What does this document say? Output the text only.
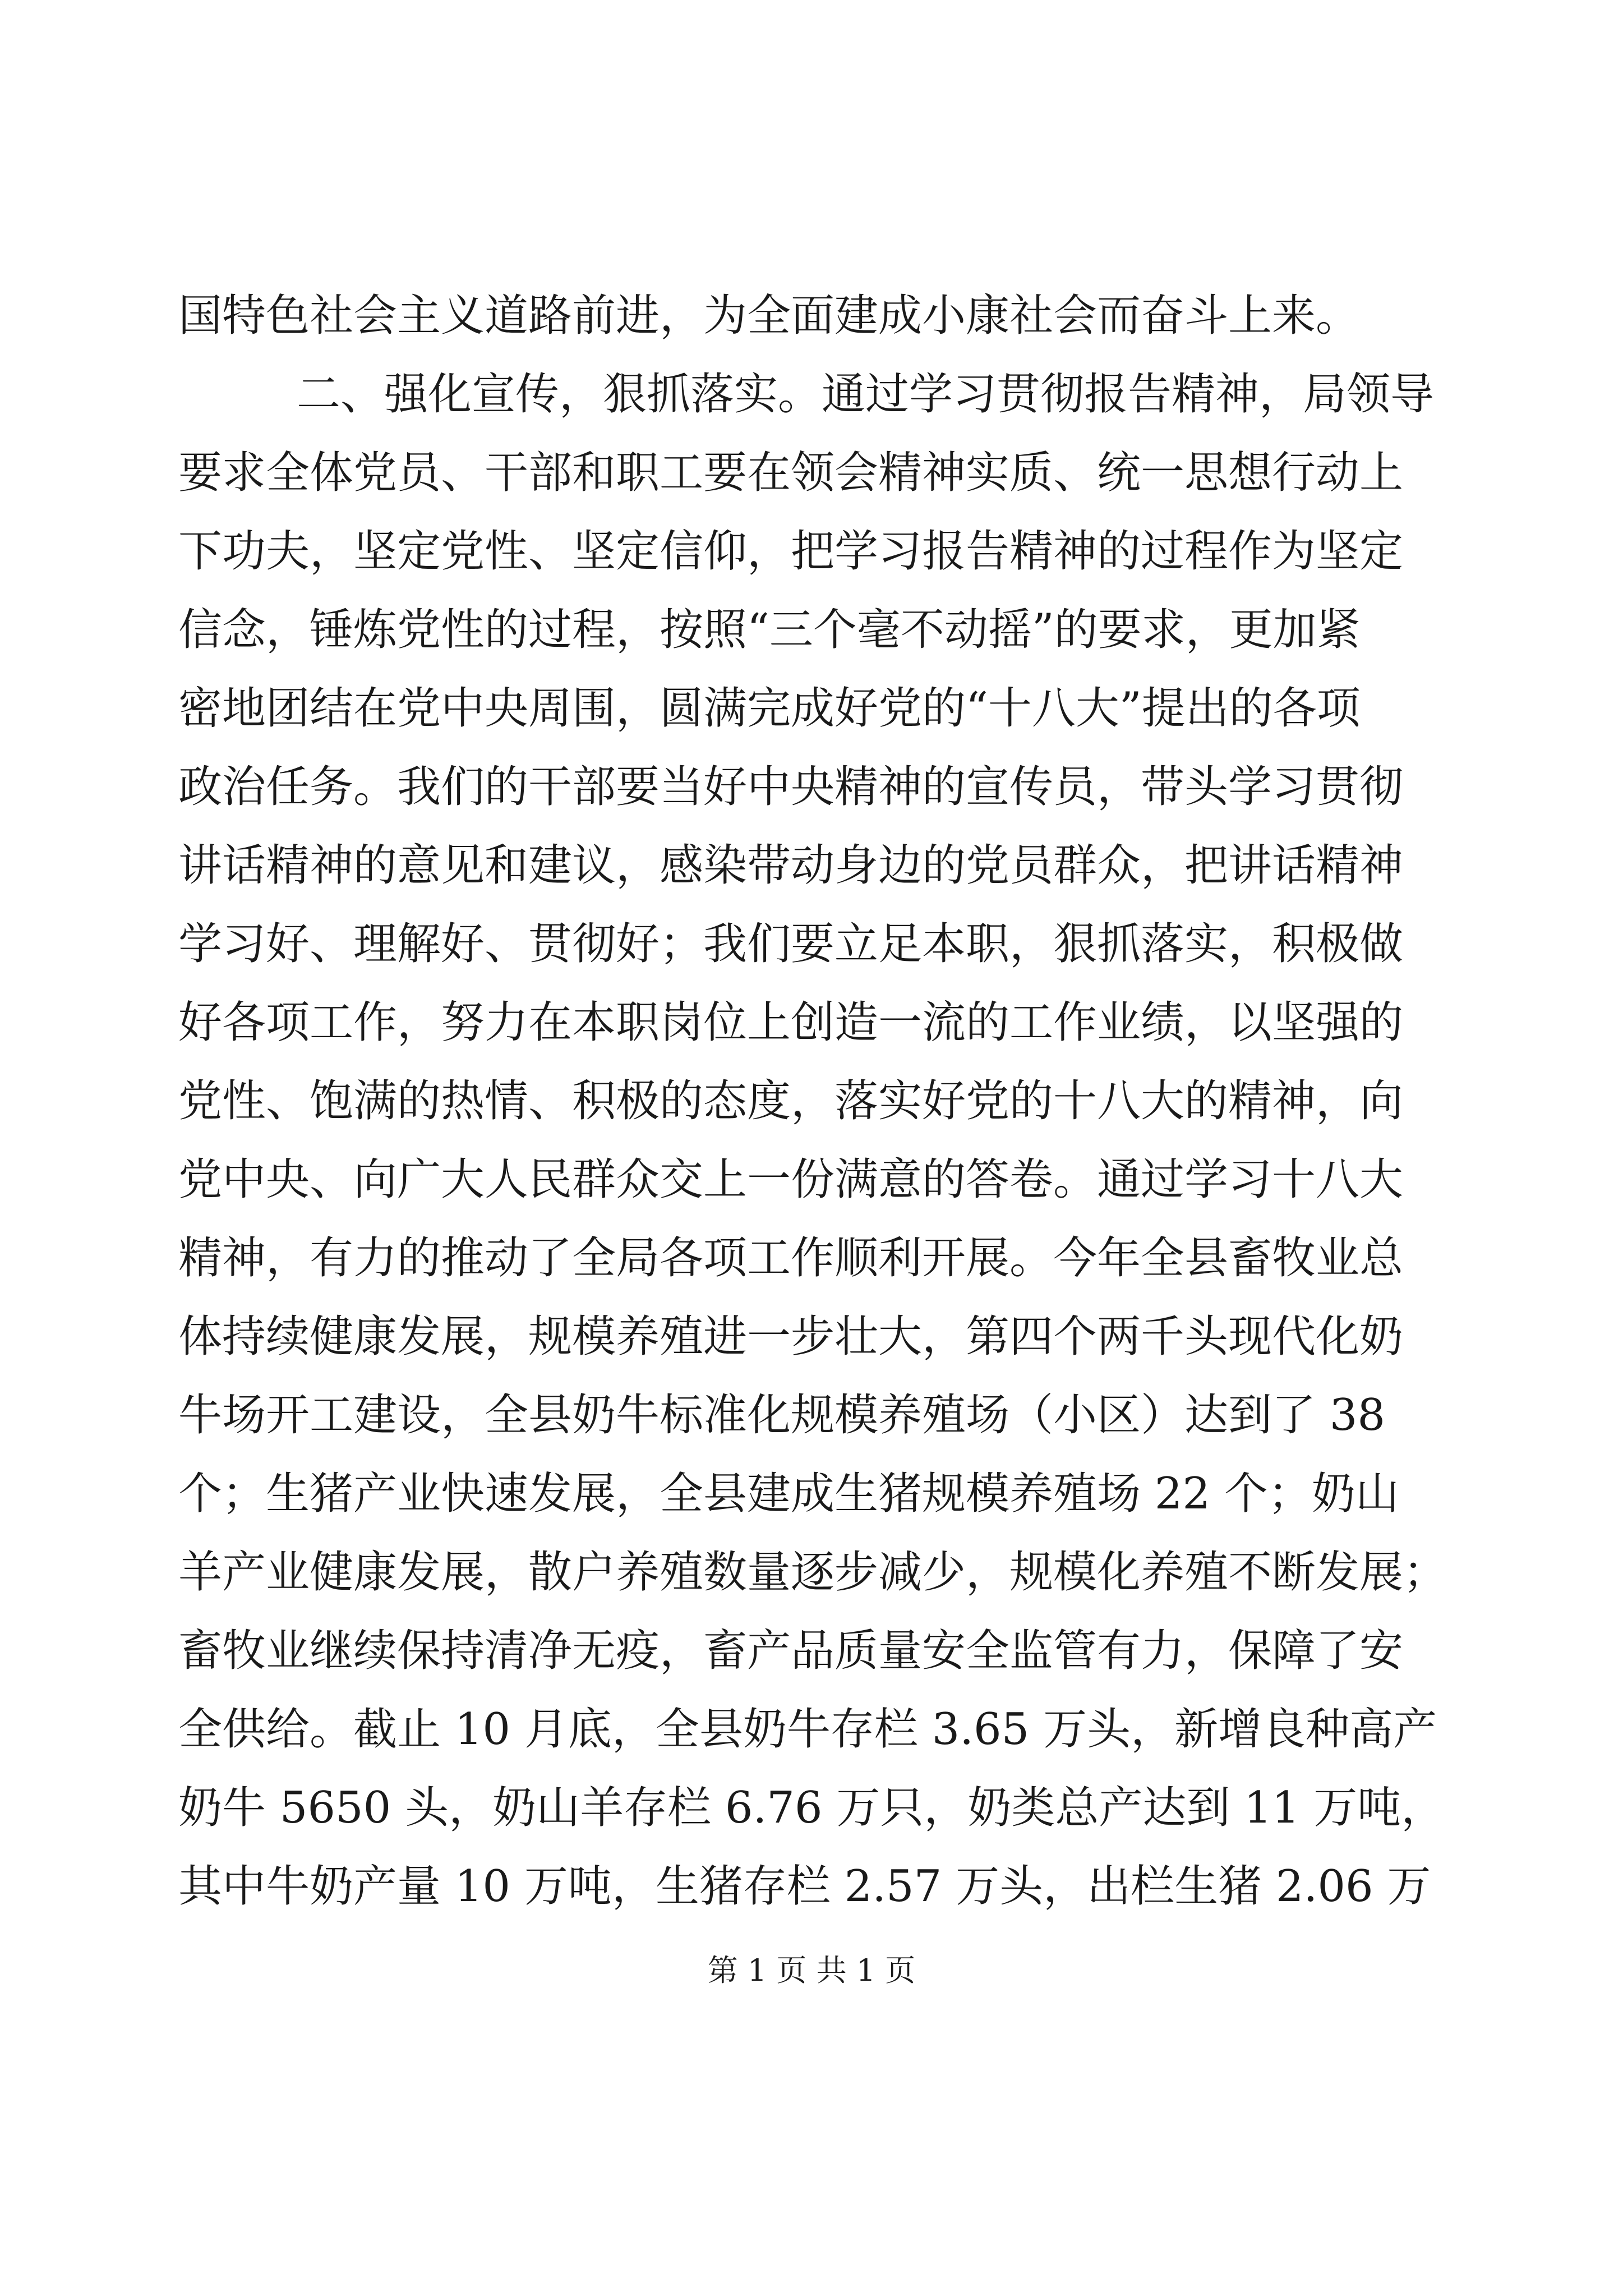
国特色社会主义道路前进，为全面建成小康社会而奋斗上来。
二、强化宣传，狠抓落实。通过学习贯彻报告精神，局领导
要求全体党员、干部和职工要在领会精神实质、统一思想行动上
下功夫，坚定党性、坚定信仰，把学习报告精神的过程作为坚定
信念，锤炼党性的过程，按照“三个毫不动摇”的要求，更加紧
密地团结在党中央周围，圆满完成好党的“十八大”提出的各项
政治任务。我们的干部要当好中央精神的宣传员，带头学习贯彻
讲话精神的意见和建议，感染带动身边的党员群众，把讲话精神
学习好、理解好、贯彻好；我们要立足本职，狠抓落实，积极做
好各项工作，努力在本职岗位上创造一流的工作业绩，以坚强的
党性、饱满的热情、积极的态度，落实好党的十八大的精神，向
党中央、向广大人民群众交上一份满意的答卷。通过学习十八大
精神，有力的推动了全局各项工作顺利开展。今年全县畜牧业总
体持续健康发展，规模养殖进一步壮大，第四个两千头现代化奶
牛场开工建设，全县奶牛标准化规模养殖场（小区）达到了 38
个；生猪产业快速发展，全县建成生猪规模养殖场 22 个；奶山
羊产业健康发展，散户养殖数量逐步减少，规模化养殖不断发展；
畜牧业继续保持清净无疫，畜产品质量安全监管有力，保障了安
全供给。截止 10 月底，全县奶牛存栏 3.65 万头，新增良种高产
奶牛 5650 头，奶山羊存栏 6.76 万只，奶类总产达到 11 万吨，
其中牛奶产量 10 万吨，生猪存栏 2.57 万头，出栏生猪 2.06 万
第 1 页 共 1 页
